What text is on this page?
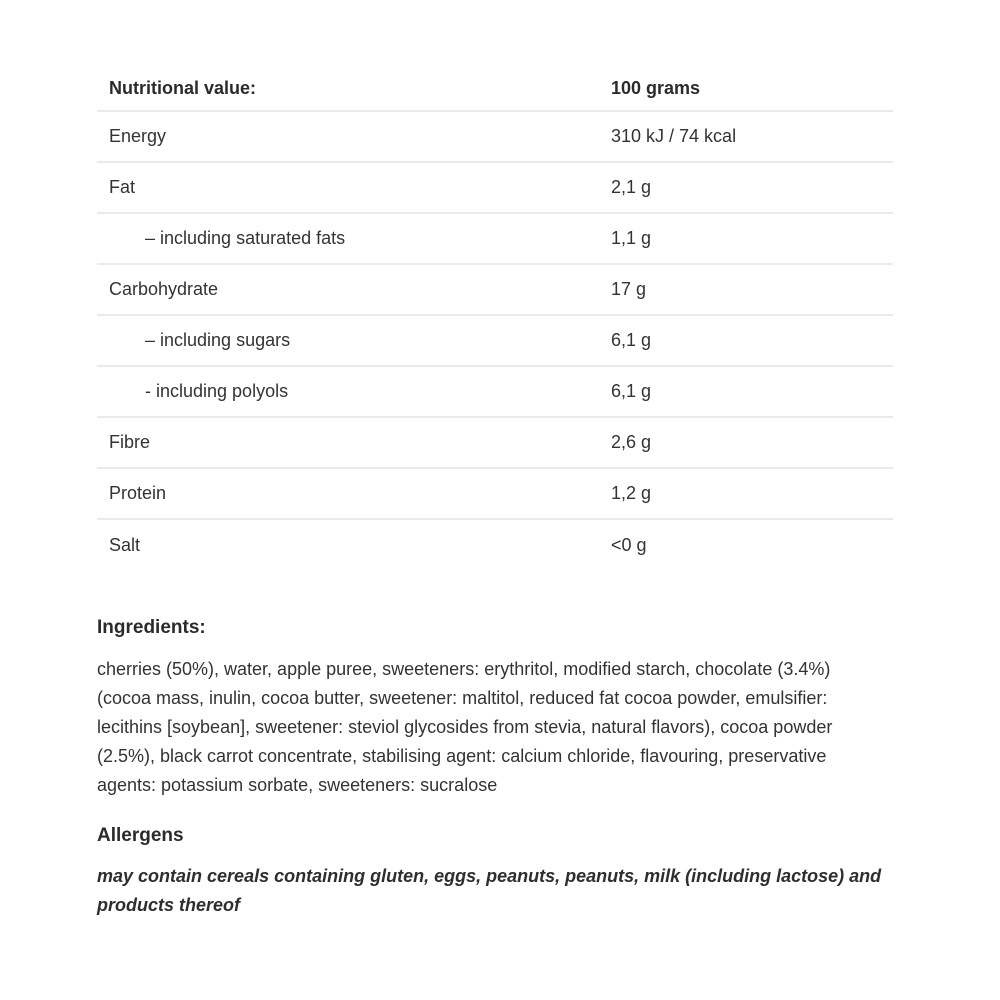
Nutritional value:	100 grams
Energy	310 kJ / 74 kcal
Fat	2,1 g
– including saturated fats	1,1 g
Carbohydrate	17 g
– including sugars	6,1 g
- including polyols	6,1 g
Fibre	2,6 g
Protein	1,2 g
Salt	<0 g
Ingredients:

cherries (50%), water, apple puree, sweeteners: erythritol, modified starch, chocolate (3.4%) (cocoa mass, inulin, cocoa butter, sweetener: maltitol, reduced fat cocoa powder, emulsifier: lecithins [soybean], sweetener: steviol glycosides from stevia, natural flavors), cocoa powder (2.5%), black carrot concentrate, stabilising agent: calcium chloride, flavouring, preservative agents: potassium sorbate, sweeteners: sucralose

Allergens

may contain cereals containing gluten, eggs, peanuts, peanuts, milk (including lactose) and products thereof
